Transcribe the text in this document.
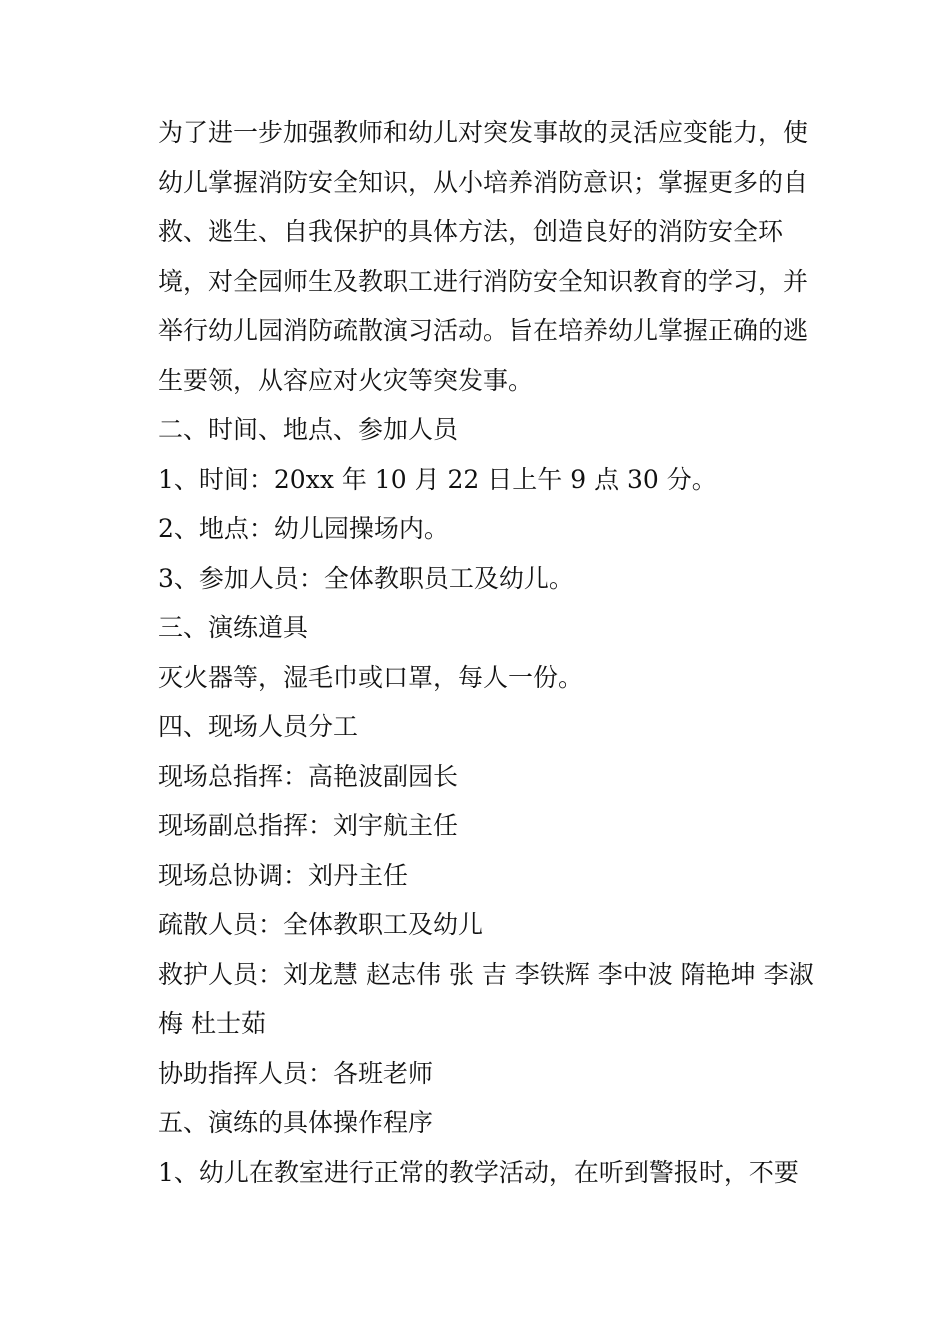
为了进一步加强教师和幼儿对突发事故的灵活应变能力，使幼儿掌握消防安全知识，从小培养消防意识；掌握更多的自救、逃生、自我保护的具体方法，创造良好的消防安全环境，对全园师生及教职工进行消防安全知识教育的学习，并举行幼儿园消防疏散演习活动。旨在培养幼儿掌握正确的逃生要领，从容应对火灾等突发事。

二、时间、地点、参加人员

1、时间：20xx 年 10 月 22 日上午 9 点 30 分。

2、地点：幼儿园操场内。

3、参加人员：全体教职员工及幼儿。

三、演练道具

灭火器等，湿毛巾或口罩，每人一份。

四、现场人员分工

现场总指挥：高艳波副园长

现场副总指挥：刘宇航主任

现场总协调：刘丹主任

疏散人员：全体教职工及幼儿

救护人员：刘龙慧 赵志伟 张 吉 李铁辉 李中波 隋艳坤 李淑梅 杜士茹

协助指挥人员：各班老师

五、演练的具体操作程序

1、幼儿在教室进行正常的教学活动，在听到警报时，不要
